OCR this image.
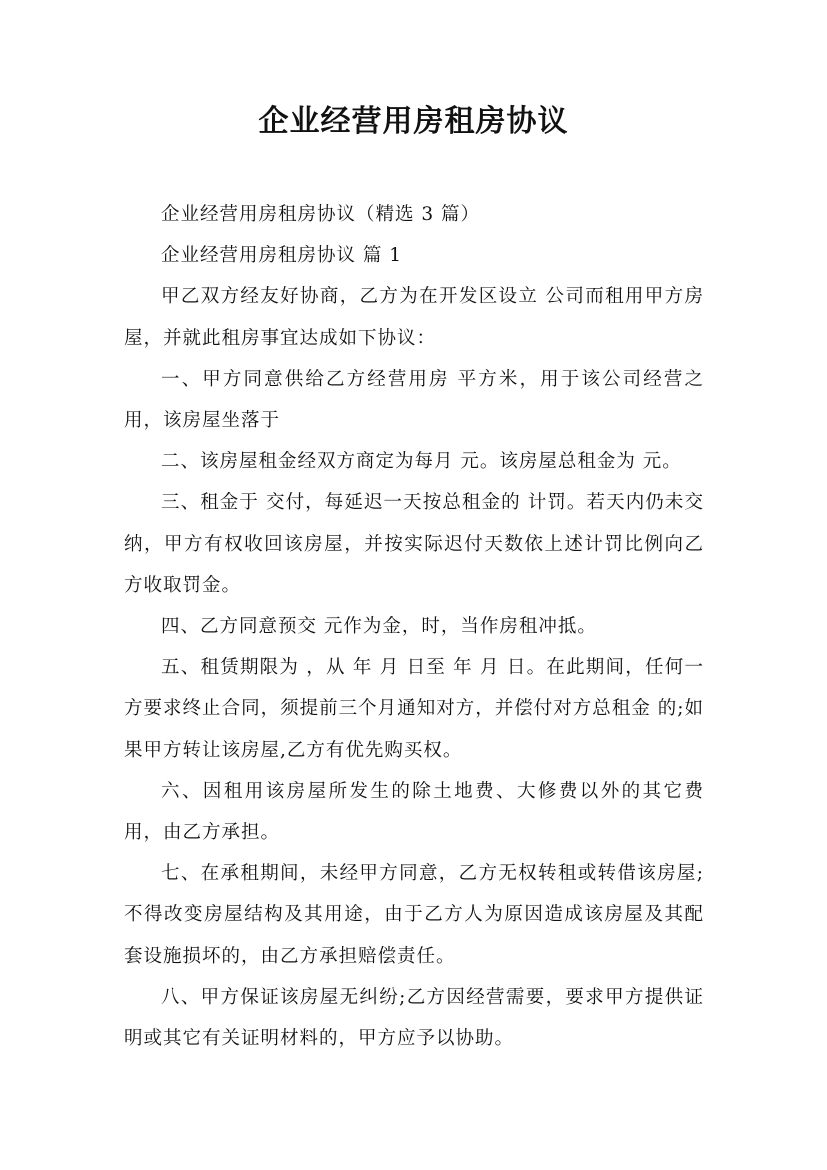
企业经营用房租房协议

企业经营用房租房协议（精选 3 篇）

企业经营用房租房协议 篇 1

甲乙双方经友好协商，乙方为在开发区设立 公司而租用甲方房屋，并就此租房事宜达成如下协议：

一、甲方同意供给乙方经营用房 平方米，用于该公司经营之用，该房屋坐落于

二、该房屋租金经双方商定为每月 元。该房屋总租金为 元。

三、租金于 交付，每延迟一天按总租金的 计罚。若天内仍未交纳，甲方有权收回该房屋，并按实际迟付天数依上述计罚比例向乙方收取罚金。

四、乙方同意预交 元作为金，时，当作房租冲抵。

五、租赁期限为 ，从 年 月 日至 年 月 日。在此期间，任何一方要求终止合同，须提前三个月通知对方，并偿付对方总租金 的;如果甲方转让该房屋,乙方有优先购买权。

六、因租用该房屋所发生的除土地费、大修费以外的其它费用，由乙方承担。

七、在承租期间，未经甲方同意，乙方无权转租或转借该房屋;不得改变房屋结构及其用途，由于乙方人为原因造成该房屋及其配套设施损坏的，由乙方承担赔偿责任。

八、甲方保证该房屋无纠纷;乙方因经营需要，要求甲方提供证明或其它有关证明材料的，甲方应予以协助。
